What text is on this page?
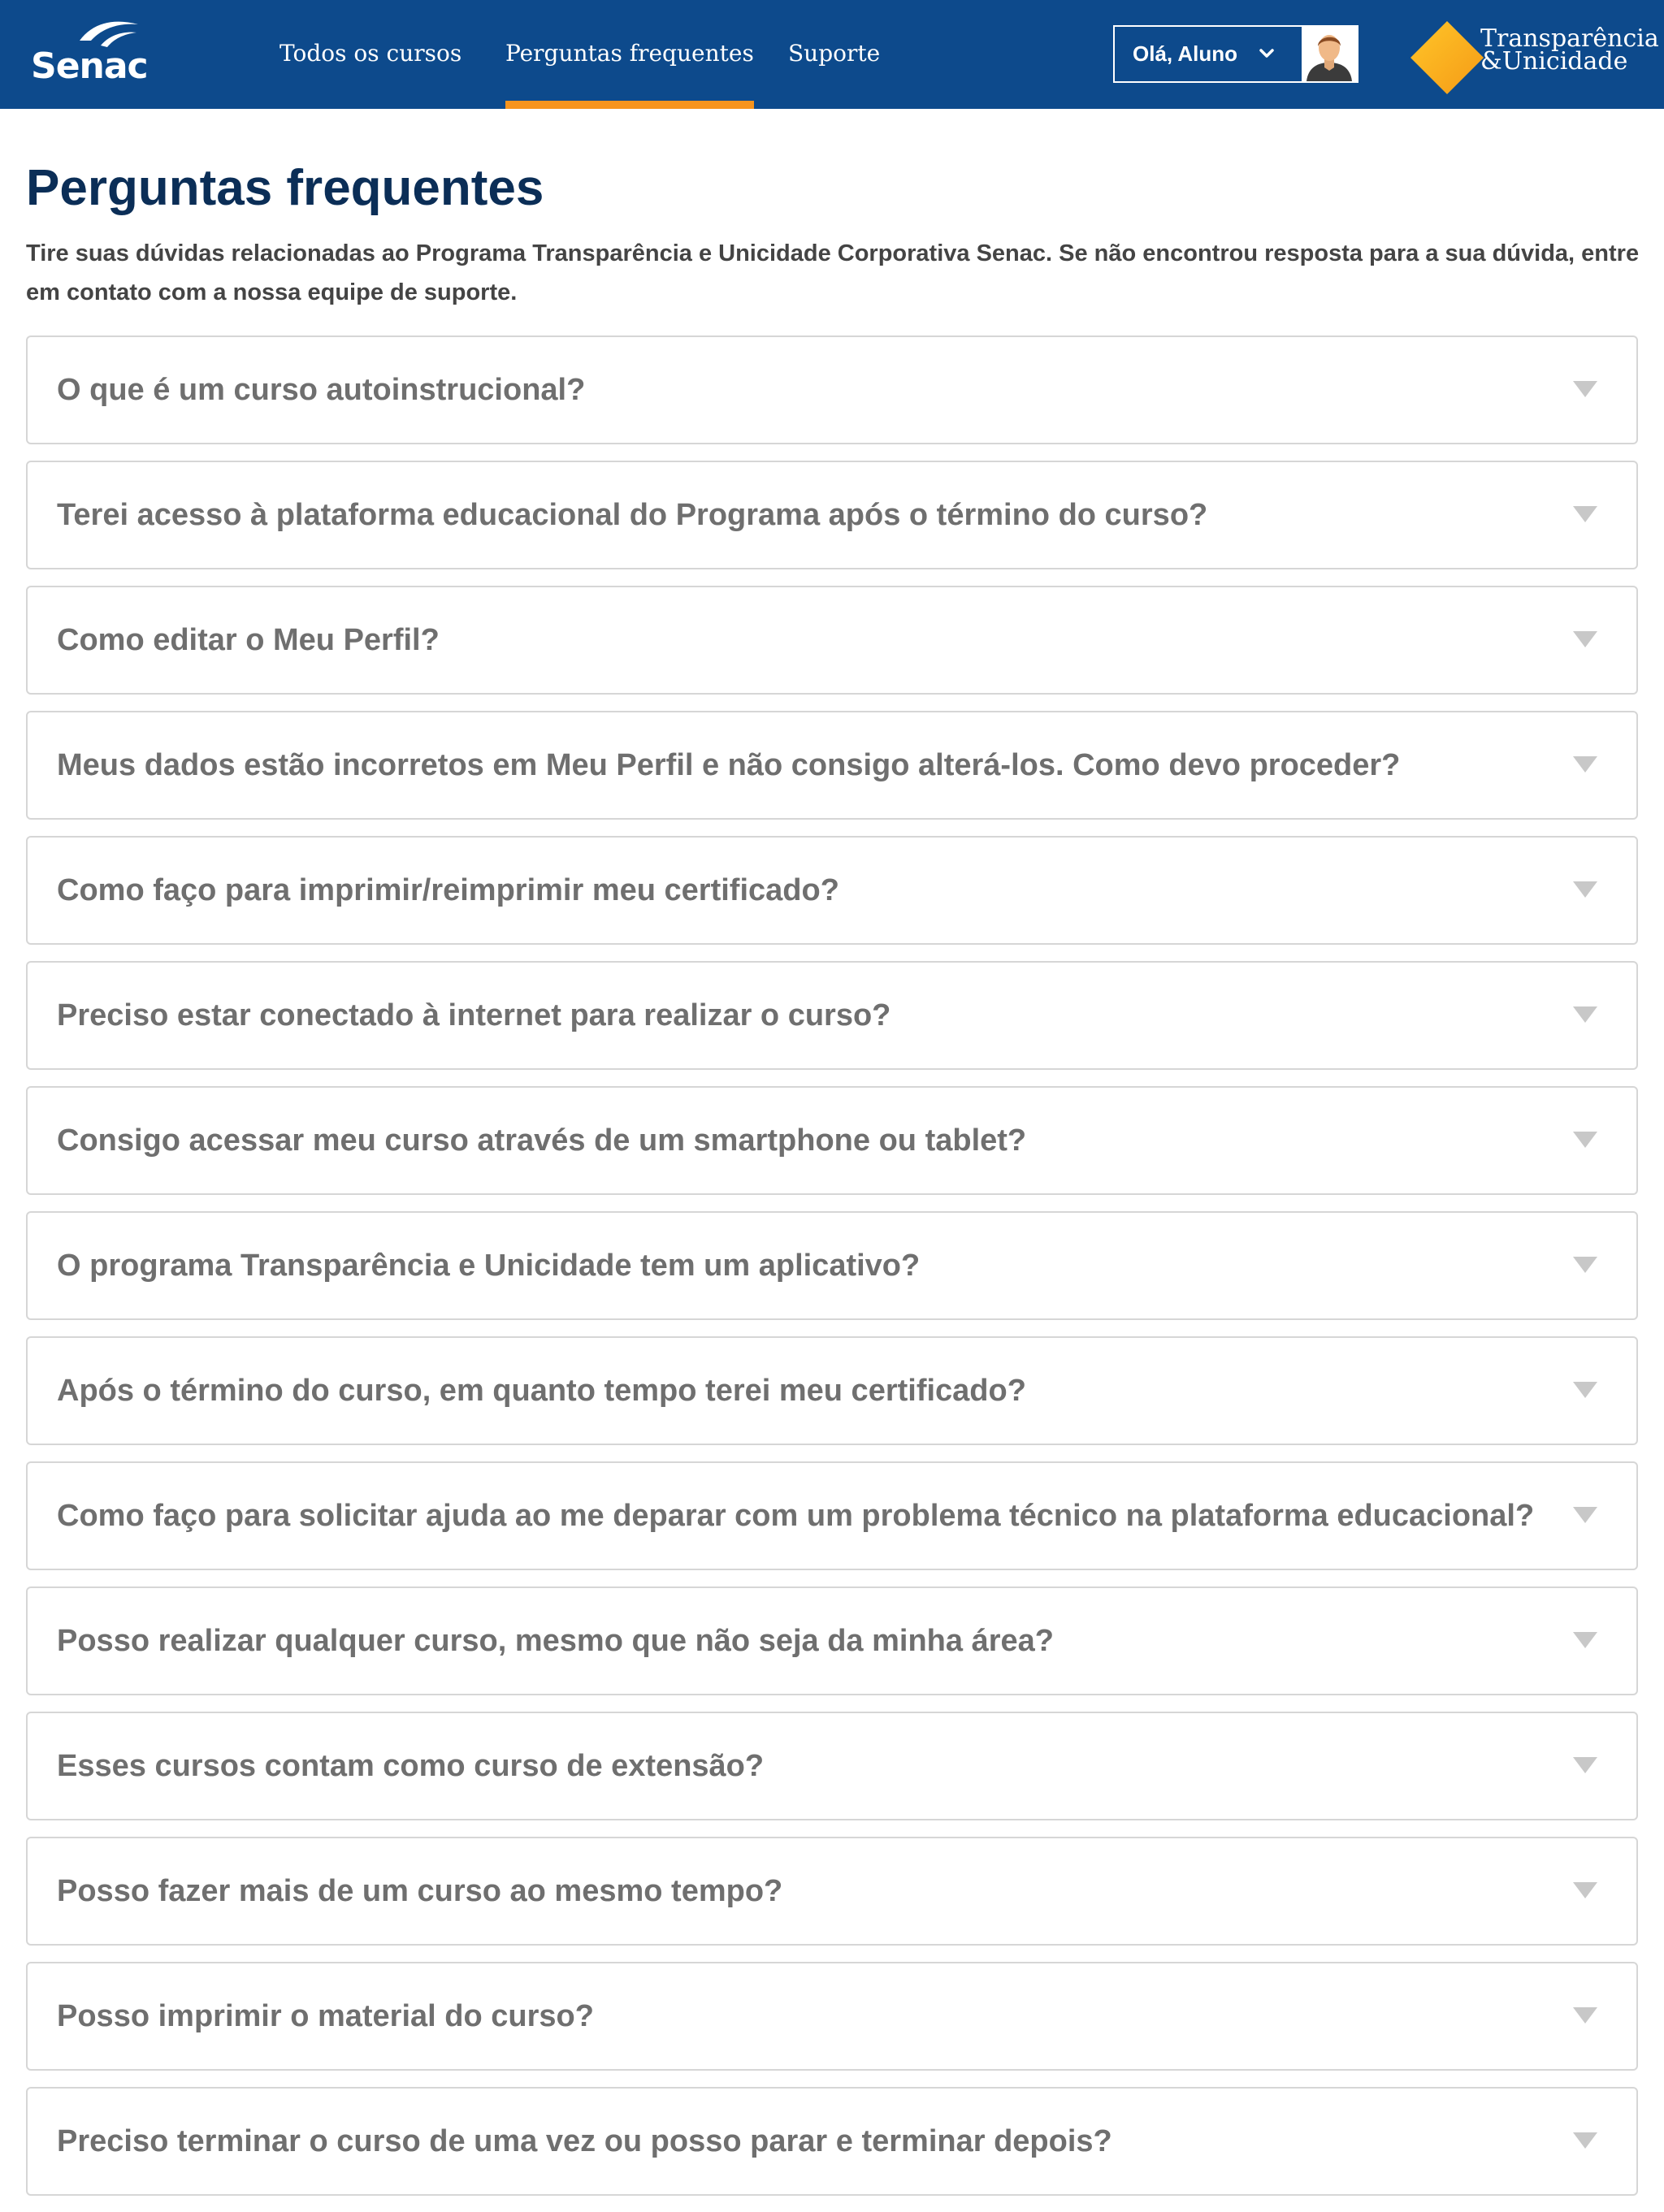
Senac	Todos os cursos Perguntas frequentes Suporte	Olá, Aluno
Transparência
&Unicidade
Perguntas frequentes

Tire suas dúvidas relacionadas ao Programa Transparência e Unicidade Corporativa Senac. Se não encontrou resposta para a sua dúvida, entre em contato com a nossa equipe de suporte.

O que é um curso autoinstrucional?
Terei acesso à plataforma educacional do Programa após o término do curso?
Como editar o Meu Perfil?
Meus dados estão incorretos em Meu Perfil e não consigo alterá-los. Como devo proceder?
Como faço para imprimir/reimprimir meu certificado?
Preciso estar conectado à internet para realizar o curso?
Consigo acessar meu curso através de um smartphone ou tablet?
O programa Transparência e Unicidade tem um aplicativo?
Após o término do curso, em quanto tempo terei meu certificado?
Como faço para solicitar ajuda ao me deparar com um problema técnico na plataforma educacional?
Posso realizar qualquer curso, mesmo que não seja da minha área?
Esses cursos contam como curso de extensão?
Posso fazer mais de um curso ao mesmo tempo?
Posso imprimir o material do curso?
Preciso terminar o curso de uma vez ou posso parar e terminar depois?
